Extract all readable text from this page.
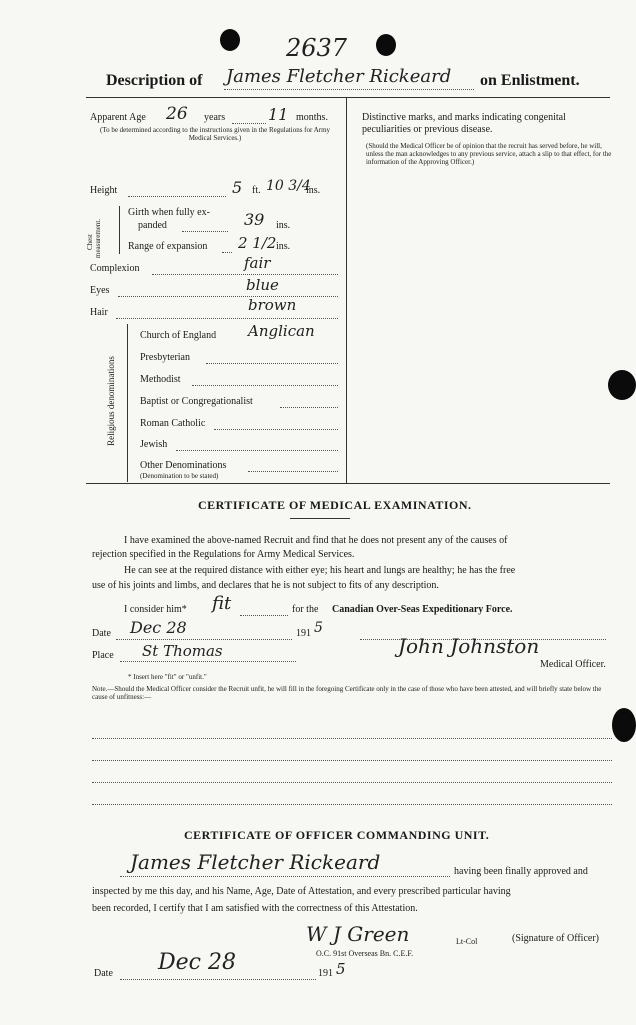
2637
Description of James Fletcher Rickeard on Enlistment.
Apparent Age 26 years	11 months.
(To be determined according to the instructions given in the Regulations for Army Medical Services.)
Height	5 ft. 10 3/4
ins.
Chest measurement.
Girth when fully ex-
panded	39 ins.
Range of expansion 2 1/2 ins.
Complexion	fair
Eyes	blue
Hair	brown
Religious denominations
Church of England Anglican
Presbyterian
Methodist
Baptist or Congregationalist
Roman Catholic
Jewish
Other Denominations
(Denomination to be stated)
Distinctive marks, and marks indicating congenital
peculiarities or previous disease.
(Should the Medical Officer be of opinion that the recruit has served before, he will, unless the man acknowledges to any previous service, attach a slip to that effect, for the information of the Approving Officer.)
CERTIFICATE OF MEDICAL EXAMINATION.
I have examined the above-named Recruit and find that he does not present any of the causes of
rejection specified in the Regulations for Army Medical Services.
He can see at the required distance with either eye; his heart and lungs are healthy; he has the free
use of his joints and limbs, and declares that he is not subject to fits of any description.
I consider him* fit	for the Canadian Over-Seas Expeditionary Force.
Date Dec 28	191 5
Place St Thomas	John Johnston
Medical Officer.
* Insert here "fit" or "unfit."
Note.—Should the Medical Officer consider the Recruit unfit, he will fill in the foregoing Certificate only in the case of those who have been attested, and will briefly state below the cause of unfitness:—
CERTIFICATE OF OFFICER COMMANDING UNIT.
James Fletcher Rickeard	having been finally approved and
inspected by me this day, and his Name, Age, Date of Attestation, and every prescribed particular having
been recorded, I certify that I am satisfied with the correctness of this Attestation.
W J Green	Lt-Col	(Signature of Officer)
O.C. 91st Overseas Bn. C.E.F.
Date Dec 28	191 5
